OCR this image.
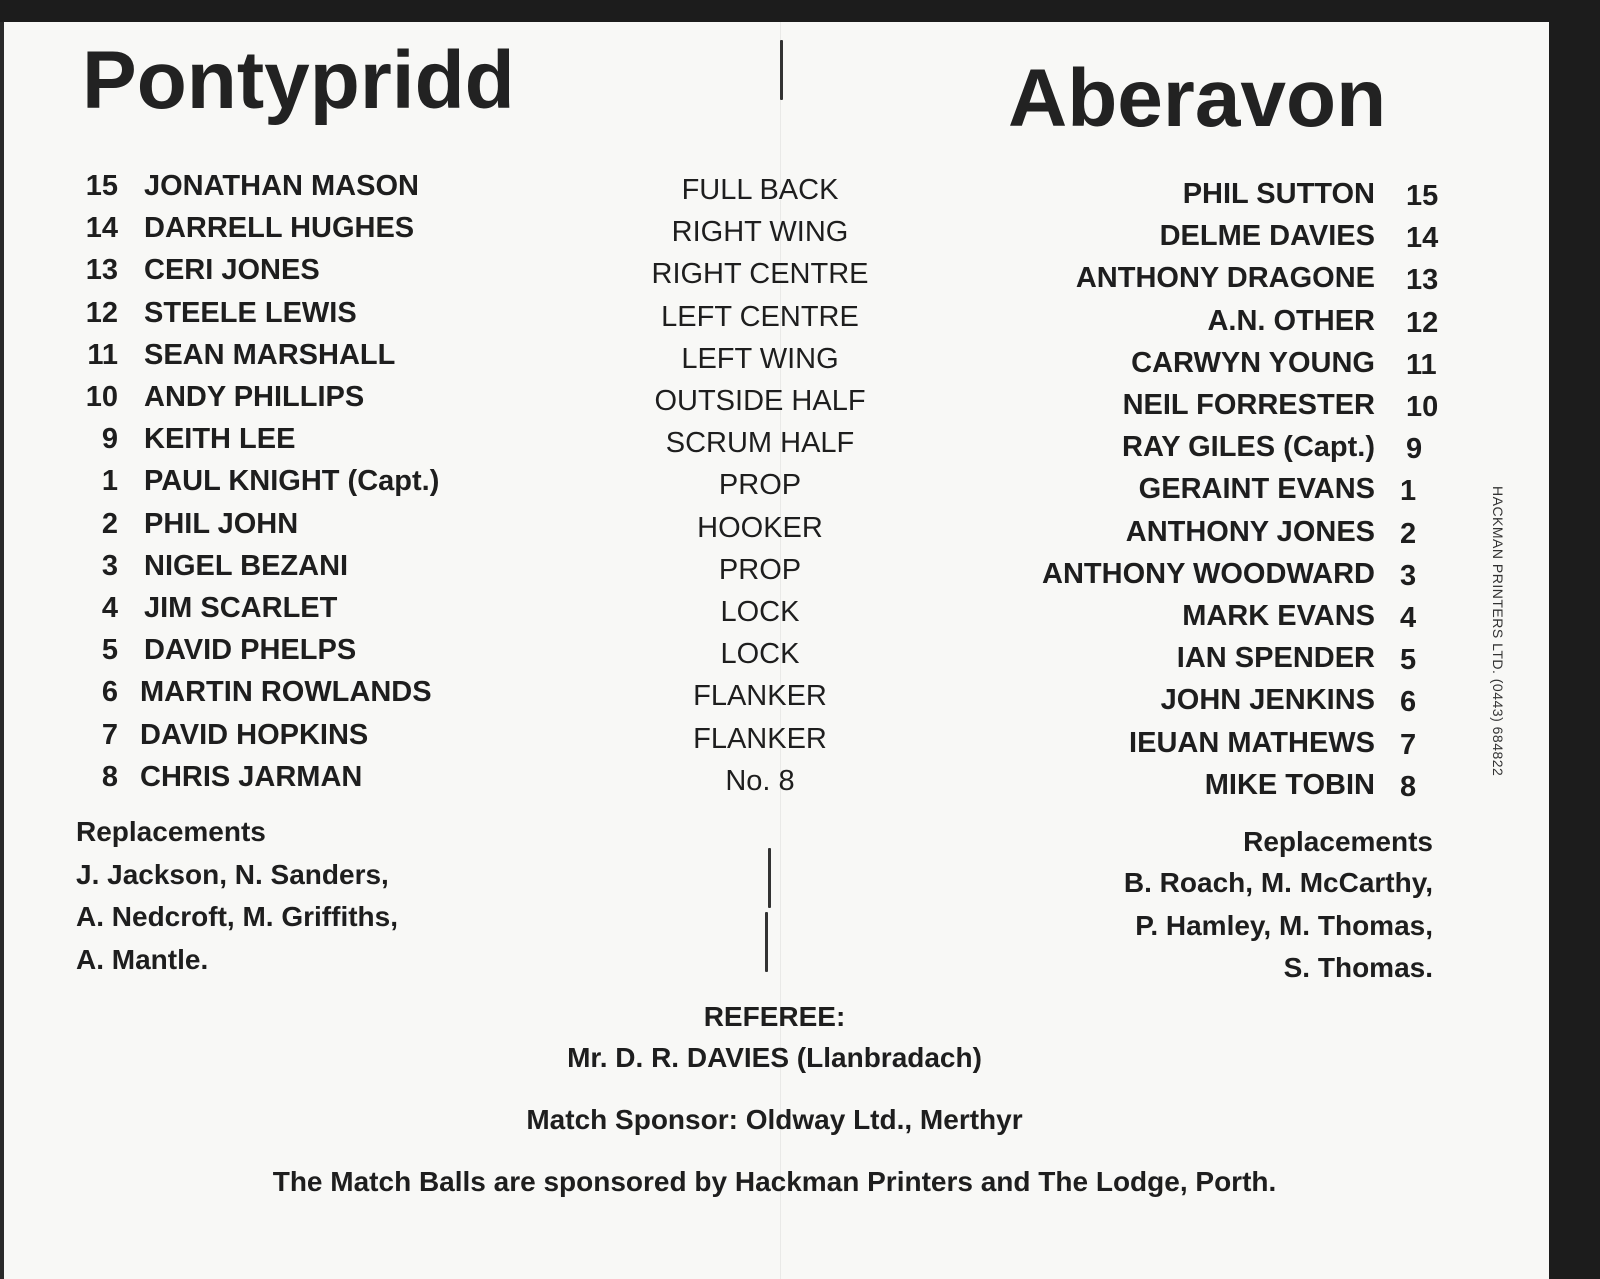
Pontypridd	Aberavon
15 JONATHAN MASON
14 DARRELL HUGHES
13 CERI JONES
12 STEELE LEWIS
11 SEAN MARSHALL
10 ANDY PHILLIPS
9 KEITH LEE
1 PAUL KNIGHT (Capt.)
2 PHIL JOHN
3 NIGEL BEZANI
4 JIM SCARLET
5 DAVID PHELPS
6 MARTIN ROWLANDS
7 DAVID HOPKINS
8 CHRIS JARMAN
FULL BACK
RIGHT WING
RIGHT CENTRE
LEFT CENTRE
LEFT WING
OUTSIDE HALF
SCRUM HALF
PROP
HOOKER
PROP
LOCK
LOCK
FLANKER
FLANKER
No. 8
PHIL SUTTON 15
DELME DAVIES 14
ANTHONY DRAGONE 13
A.N. OTHER 12
CARWYN YOUNG 11
NEIL FORRESTER 10
RAY GILES (Capt.) 9
GERAINT EVANS 1
ANTHONY JONES 2
ANTHONY WOODWARD 3
MARK EVANS 4
IAN SPENDER 5
JOHN JENKINS 6
IEUAN MATHEWS 7
MIKE TOBIN 8
Replacements
J. Jackson, N. Sanders,
A. Nedcroft, M. Griffiths,
A. Mantle.
Replacements
B. Roach, M. McCarthy,
P. Hamley, M. Thomas,
S. Thomas.
REFEREE:
Mr. D. R. DAVIES (Llanbradach)
Match Sponsor: Oldway Ltd., Merthyr
The Match Balls are sponsored by Hackman Printers and The Lodge, Porth.
HACKMAN PRINTERS LTD. (0443) 684822
